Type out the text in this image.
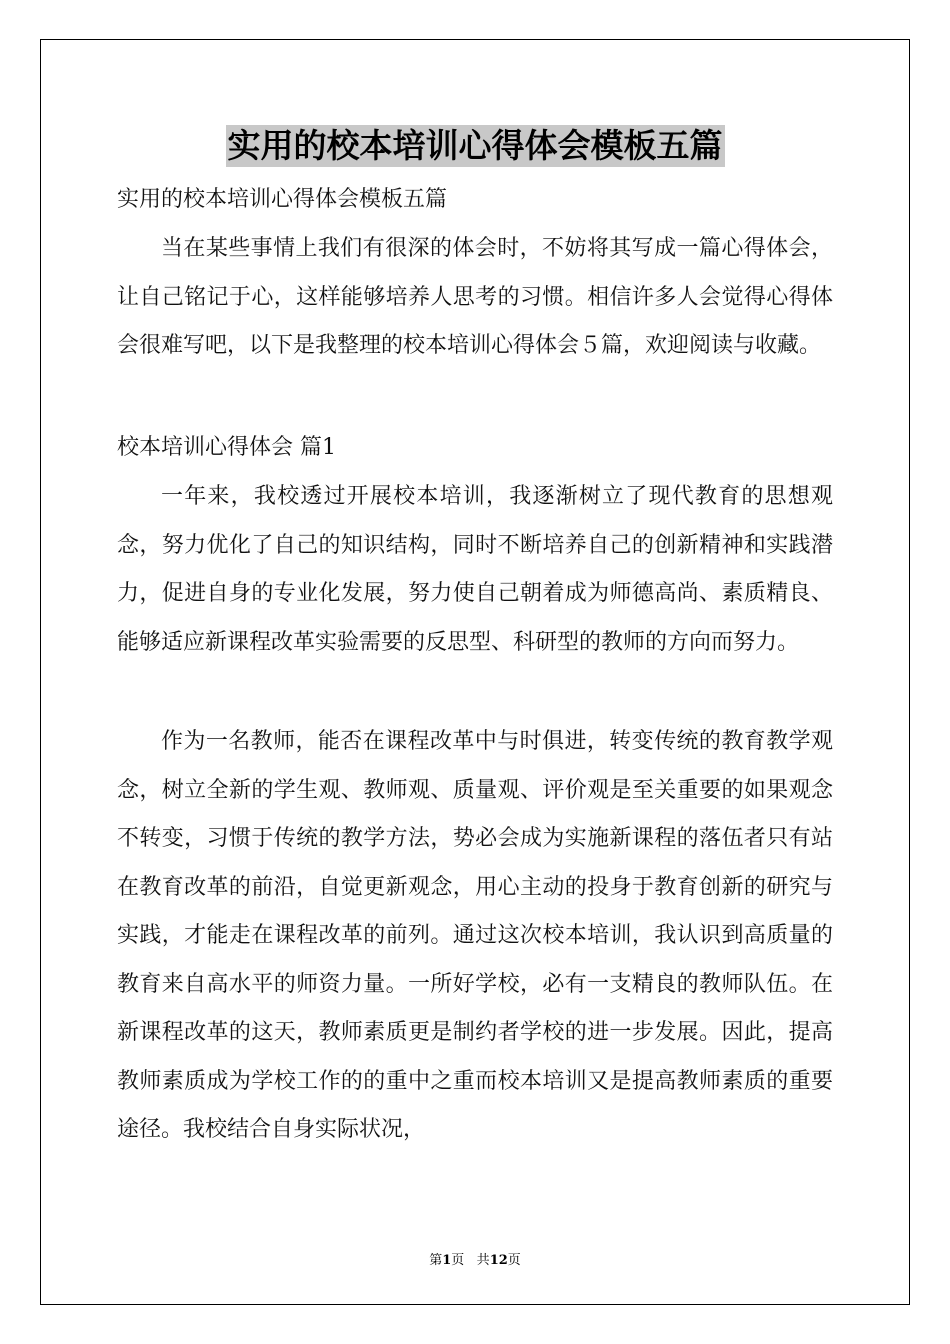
实用的校本培训心得体会模板五篇

实用的校本培训心得体会模板五篇

当在某些事情上我们有很深的体会时，不妨将其写成一篇心得体会，让自己铭记于心，这样能够培养人思考的习惯。相信许多人会觉得心得体会很难写吧，以下是我整理的校本培训心得体会５篇，欢迎阅读与收藏。

校本培训心得体会 篇1

一年来，我校透过开展校本培训，我逐渐树立了现代教育的思想观念，努力优化了自己的知识结构，同时不断培养自己的创新精神和实践潜力，促进自身的专业化发展，努力使自己朝着成为师德高尚、素质精良、能够适应新课程改革实验需要的反思型、科研型的教师的方向而努力。

作为一名教师，能否在课程改革中与时俱进，转变传统的教育教学观念，树立全新的学生观、教师观、质量观、评价观是至关重要的如果观念不转变，习惯于传统的教学方法，势必会成为实施新课程的落伍者只有站在教育改革的前沿，自觉更新观念，用心主动的投身于教育创新的研究与实践，才能走在课程改革的前列。通过这次校本培训，我认识到高质量的教育来自高水平的师资力量。一所好学校，必有一支精良的教师队伍。在新课程改革的这天，教师素质更是制约者学校的进一步发展。因此，提高教师素质成为学校工作的的重中之重而校本培训又是提高教师素质的重要途径。我校结合自身实际状况，

第1页 共12页
